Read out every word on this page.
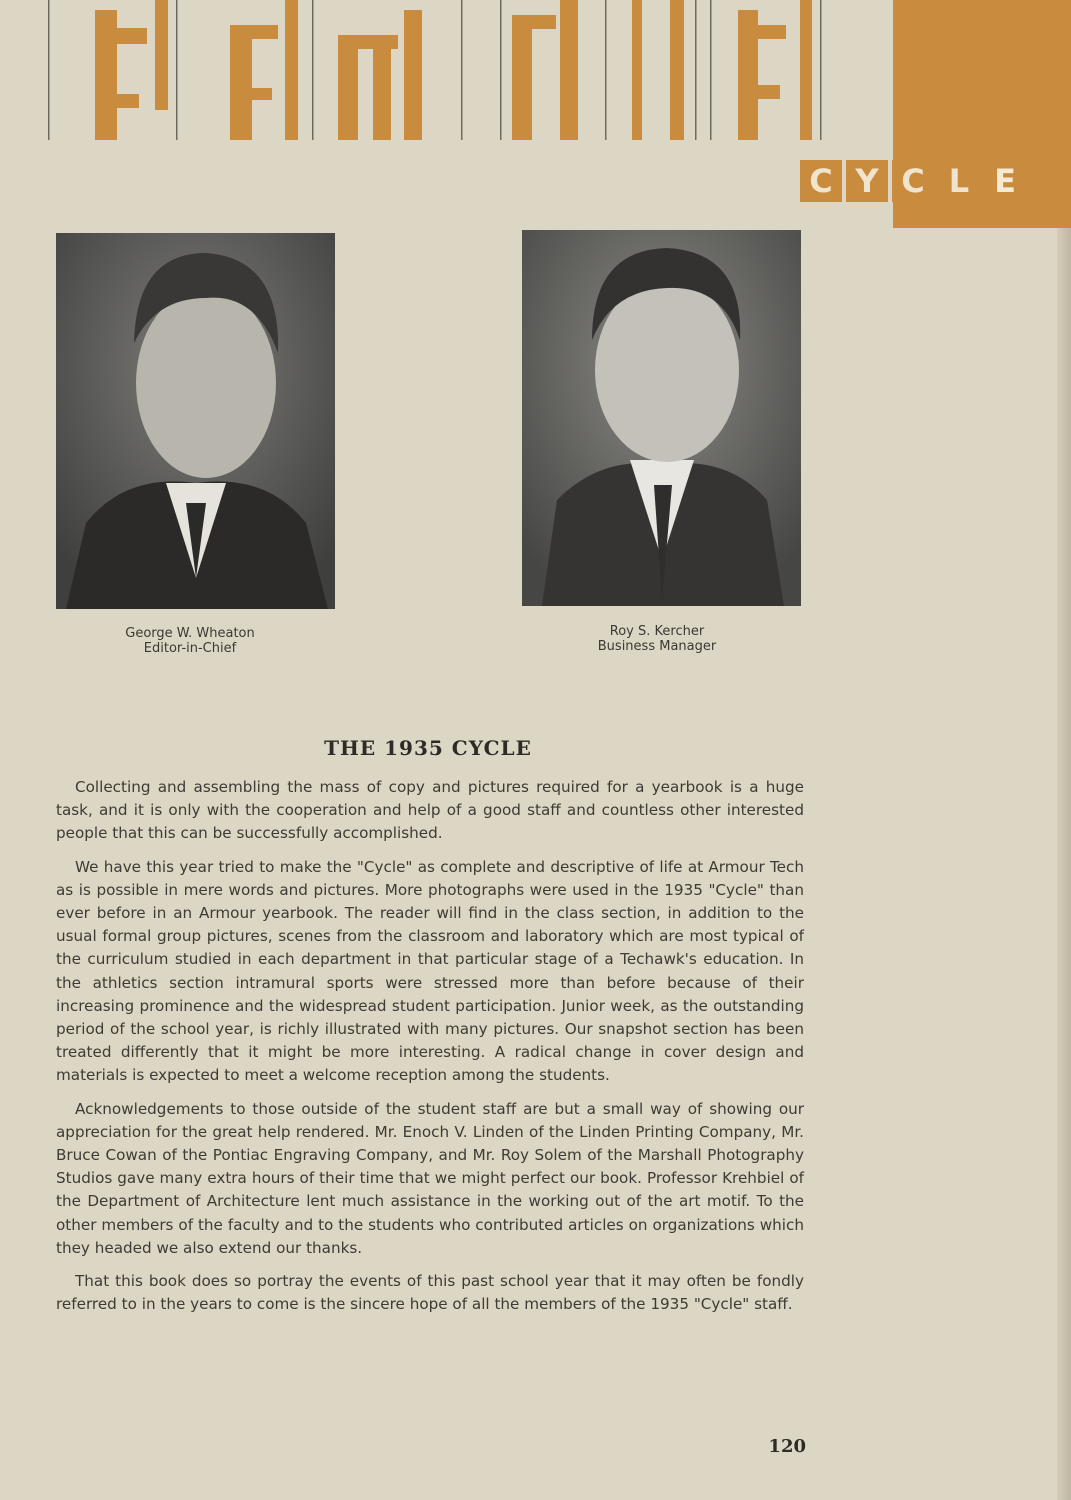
C Y C L E
George W. Wheaton
Editor-in-Chief
Roy S. Kercher
Business Manager
THE 1935 CYCLE

Collecting and assembling the mass of copy and pictures required for a yearbook is a huge task, and it is only with the cooperation and help of a good staff and countless other interested people that this can be successfully accomplished.

We have this year tried to make the "Cycle" as complete and descriptive of life at Armour Tech as is possible in mere words and pictures. More photographs were used in the 1935 "Cycle" than ever before in an Armour yearbook. The reader will find in the class section, in addition to the usual formal group pictures, scenes from the classroom and laboratory which are most typical of the curriculum studied in each department in that particular stage of a Techawk's education. In the athletics section intramural sports were stressed more than before because of their increasing prominence and the widespread student participation. Junior week, as the outstanding period of the school year, is richly illustrated with many pictures. Our snapshot section has been treated differently that it might be more interesting. A radical change in cover design and materials is expected to meet a welcome reception among the students.

Acknowledgements to those outside of the student staff are but a small way of showing our appreciation for the great help rendered. Mr. Enoch V. Linden of the Linden Printing Company, Mr. Bruce Cowan of the Pontiac Engraving Company, and Mr. Roy Solem of the Marshall Photography Studios gave many extra hours of their time that we might perfect our book. Professor Krehbiel of the Department of Architecture lent much assistance in the working out of the art motif. To the other members of the faculty and to the students who contributed articles on organizations which they headed we also extend our thanks.

That this book does so portray the events of this past school year that it may often be fondly referred to in the years to come is the sincere hope of all the members of the 1935 "Cycle" staff.

120
